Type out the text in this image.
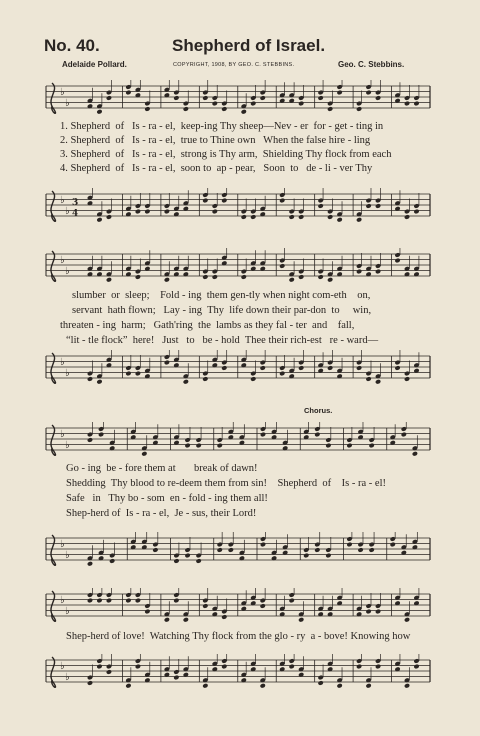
No. 40.	Shepherd of Israel.
Adelaide Pollard.	COPYRIGHT, 1908, BY GEO. C. STEBBINS.	Geo. C. Stebbins.
♭
♭
♭
♭
3
4
♭
♭
♭
♭
♭
♭
♭
♭
♭
♭
♭
♭

1. Shepherd  of   Is - ra - el,  keep-ing Thy sheep—Nev - er  for - get - ting in

2. Shepherd  of   Is - ra - el,  true to Thine own   When the false hire - ling

3. Shepherd  of   Is - ra - el,  strong is Thy arm,  Shielding Thy flock from each

4. Shepherd  of   Is - ra - el,  soon to  ap - pear,   Soon  to   de - li - ver Thy

slumber  or  sleep;    Fold - ing  them gen-tly when night com-eth    on,

servant  hath flown;   Lay - ing  Thy  life down their par-don  to     win,

threaten - ing  harm;   Gath'ring  the  lambs as they fal - ter  and    fall,

“lit - tle flock”  here!   Just   to   be - hold  Thee their rich-est   re - ward—

Chorus.

Go - ing  be - fore them at       break of dawn!

Shedding  Thy blood to re-deem them from sin!    Shepherd  of    Is - ra - el!

Safe   in   Thy bo - som  en - fold - ing them all!

Shep-herd of  Is - ra - el,  Je - sus, their Lord!

Shep-herd of love!  Watching Thy flock from the glo - ry  a - bove! Knowing how
